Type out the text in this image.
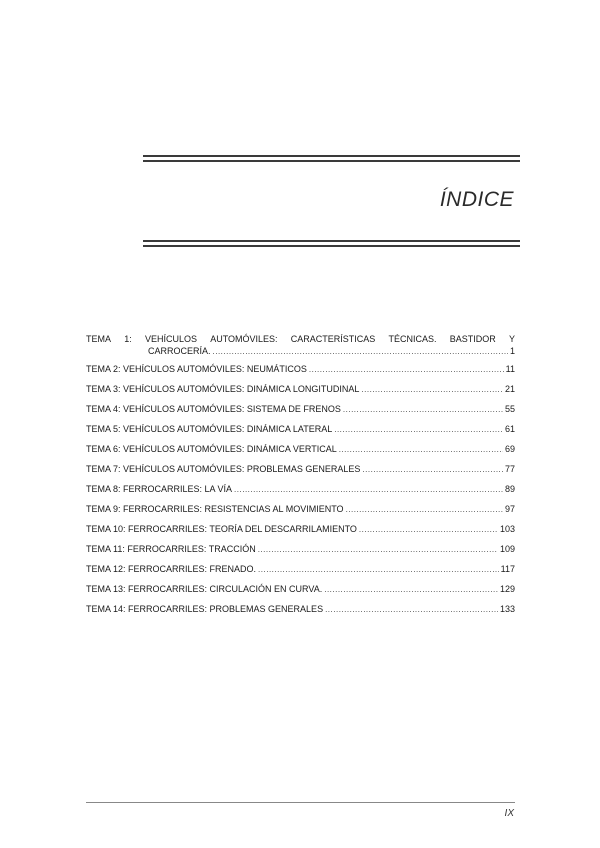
ÍNDICE
TEMA 1: VEHÍCULOS AUTOMÓVILES: CARACTERÍSTICAS TÉCNICAS. BASTIDOR Y
CARROCERÍA. .....	1
TEMA 2: VEHÍCULOS AUTOMÓVILES: NEUMÁTICOS .....	11
TEMA 3: VEHÍCULOS AUTOMÓVILES: DINÁMICA LONGITUDINAL .....	21
TEMA 4: VEHÍCULOS AUTOMÓVILES: SISTEMA DE FRENOS .....	55
TEMA 5: VEHÍCULOS AUTOMÓVILES: DINÁMICA LATERAL .....	61
TEMA 6: VEHÍCULOS AUTOMÓVILES: DINÁMICA VERTICAL .....	69
TEMA 7: VEHÍCULOS AUTOMÓVILES: PROBLEMAS GENERALES .....	77
TEMA 8: FERROCARRILES: LA VÍA .....	89
TEMA 9: FERROCARRILES: RESISTENCIAS AL MOVIMIENTO .....	97
TEMA 10: FERROCARRILES: TEORÍA DEL DESCARRILAMIENTO .....	103
TEMA 11: FERROCARRILES: TRACCIÓN .....	109
TEMA 12: FERROCARRILES: FRENADO. .....	117
TEMA 13: FERROCARRILES: CIRCULACIÓN EN CURVA. .....	129
TEMA 14: FERROCARRILES: PROBLEMAS GENERALES .....	133
IX
